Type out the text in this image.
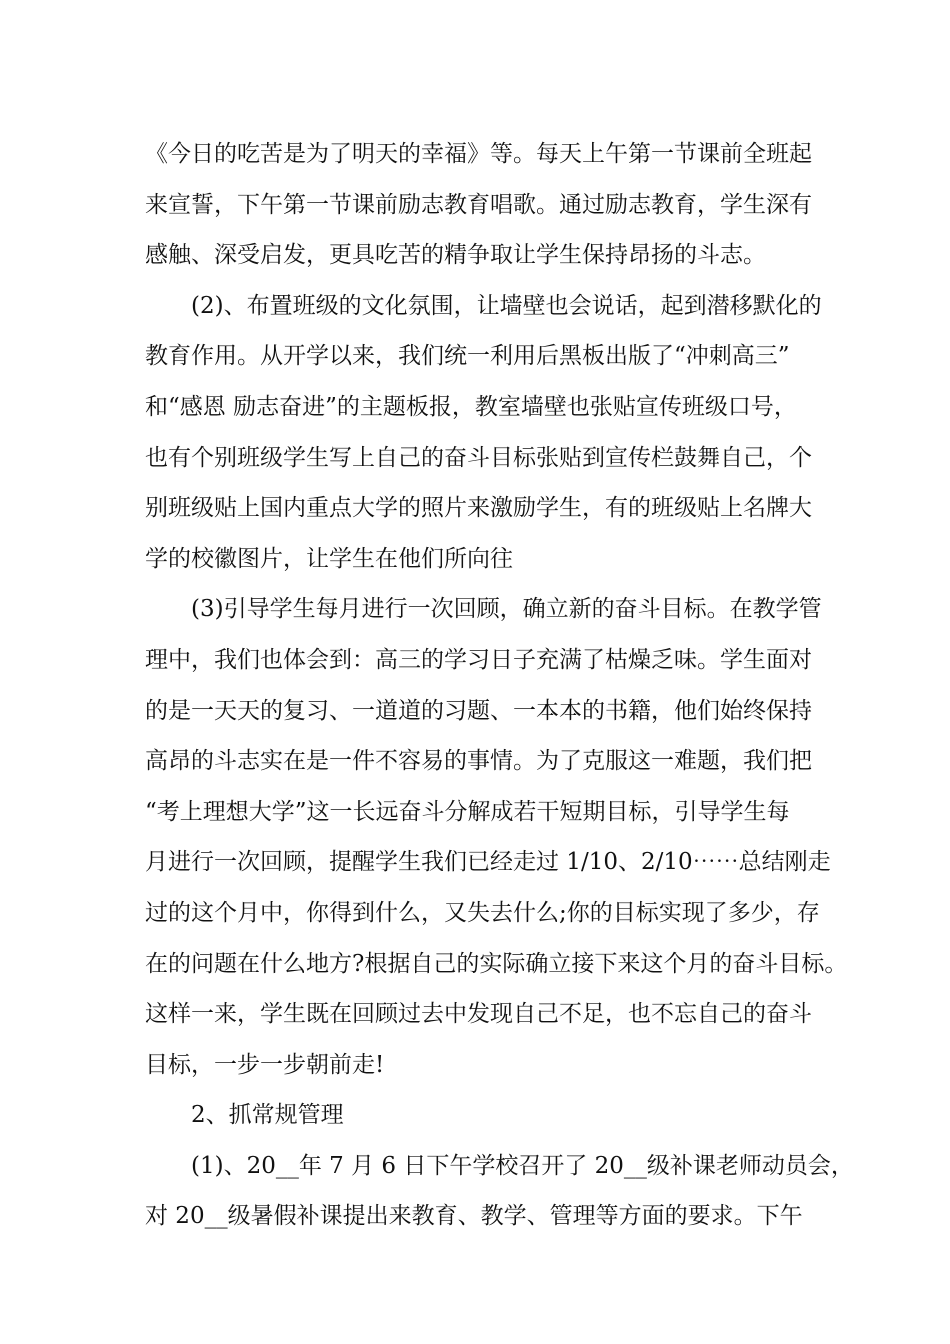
《今日的吃苦是为了明天的幸福》等。每天上午第一节课前全班起
来宣誓，下午第一节课前励志教育唱歌。通过励志教育，学生深有
感触、深受启发，更具吃苦的精争取让学生保持昂扬的斗志。
(2)、布置班级的文化氛围，让墙壁也会说话，起到潜移默化的
教育作用。从开学以来，我们统一利用后黑板出版了“冲刺高三”
和“感恩 励志奋进”的主题板报，教室墙壁也张贴宣传班级口号，
也有个别班级学生写上自己的奋斗目标张贴到宣传栏鼓舞自己，个
别班级贴上国内重点大学的照片来激励学生，有的班级贴上名牌大
学的校徽图片，让学生在他们所向往
(3)引导学生每月进行一次回顾，确立新的奋斗目标。在教学管
理中，我们也体会到：高三的学习日子充满了枯燥乏味。学生面对
的是一天天的复习、一道道的习题、一本本的书籍，他们始终保持
高昂的斗志实在是一件不容易的事情。为了克服这一难题，我们把
“考上理想大学”这一长远奋斗分解成若干短期目标，引导学生每
月进行一次回顾，提醒学生我们已经走过 1/10、2/10⋯⋯总结刚走
过的这个月中，你得到什么，又失去什么;你的目标实现了多少，存
在的问题在什么地方?根据自己的实际确立接下来这个月的奋斗目标。
这样一来，学生既在回顾过去中发现自己不足，也不忘自己的奋斗
目标，一步一步朝前走!
2、抓常规管理
(1)、20__年 7 月 6 日下午学校召开了 20__级补课老师动员会，
对 20__级暑假补课提出来教育、教学、管理等方面的要求。下午
